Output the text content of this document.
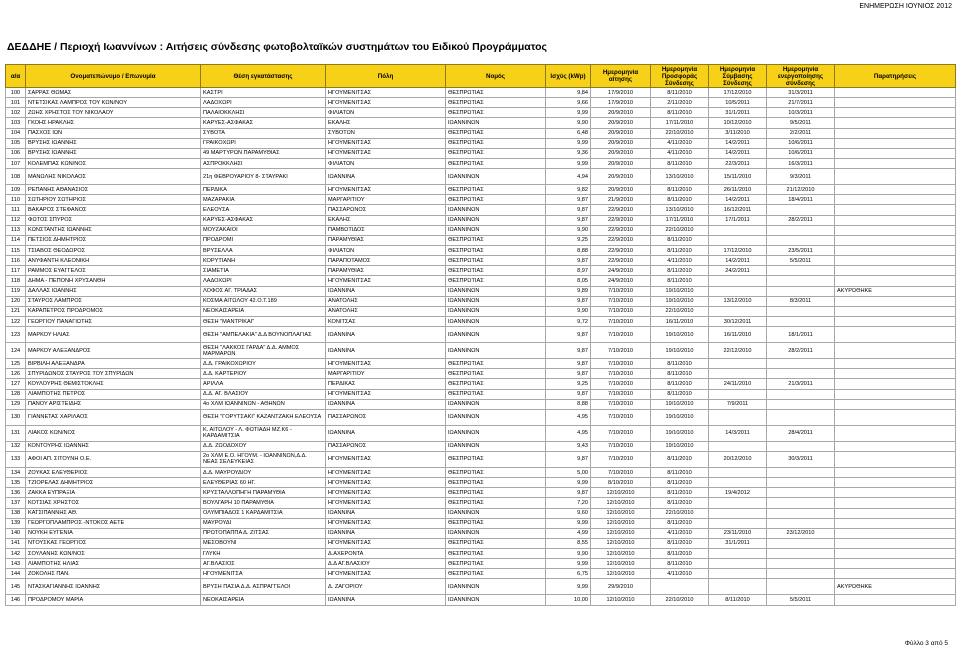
ΕΝΗΜΕΡΩΣΗ ΙΟΥΝΙΟΣ 2012
ΔΕΔΔΗΕ / Περιοχή Ιωαννίνων : Αιτήσεις σύνδεσης φωτοβολταϊκών συστημάτων του Ειδικού Προγράμματος
α/α	Ονοματεπώνυμο / Επωνυμία	Θέση εγκατάστασης	Πόλη	Νομός	Ισχύς (kWp)	Ημερομηνία αίτησης	Ημερομηνία Προσφοράς Σύνδεσης	Ημερομηνία Σύμβασης Σύνδεσης	Ημερομηνία ενεργοποίησης σύνδεσης	Παρατηρήσεις
100	ΣΑΡΡΑΣ ΘΩΜΑΣ	ΚΑΣΤΡΙ	ΗΓΟΥΜΕΝΙΤΣΑΣ	ΘΕΣΠΡΩΤΙΑΣ	9,84	17/9/2010	8/11/2010	17/12/2010	31/3/2011	
101	ΝΤΕΤΣΙΚΑΣ ΛΑΜΠΡΟΣ ΤΟΥ ΚΩΝ/ΝΟΥ	ΛΑΔΟΧΩΡΙ	ΗΓΟΥΜΕΝΙΤΣΑΣ	ΘΕΣΠΡΩΤΙΑΣ	9,66	17/9/2010	2/11/2010	10/5/2011	21/7/2011	
102	ΖΩΗΣ ΧΡΗΣΤΟΣ ΤΟΥ ΝΙΚΟΛΑΟΥ	ΠΑΛΑΙΟΚΚΛΗΣΙ	ΦΙΛΙΑΤΩΝ	ΘΕΣΠΡΩΤΙΑΣ	9,99	20/9/2010	8/11/2010	31/1/2011	10/3/2011	
103	ΓΚΟΗΣ ΗΡΑΚΛΗΣ	ΚΑΡΥΕΣ-ΑΣΦΑΚΑΣ	ΕΚΑΛΗΣ	ΙΩΑΝΝΙΝΩΝ	9,90	20/9/2010	17/11/2010	10/12/2010	9/5/2011	
104	ΠΑΣΧΟΣ ΙΩΝ	ΣΥΒΟΤΑ	ΣΥΒΟΤΩΝ	ΘΕΣΠΡΩΤΙΑΣ	6,48	20/9/2010	22/10/2010	3/11/2010	2/2/2011	
105	ΒΡΥΣΗΣ ΙΩΑΝΝΗΣ	ΓΡΑΙΚΟΧΩΡΙ	ΗΓΟΥΜΕΝΙΤΣΑΣ	ΘΕΣΠΡΩΤΙΑΣ	9,99	20/9/2010	4/11/2010	14/2/2011	10/6/2011	
106	ΒΡΥΣΗΣ ΙΩΑΝΝΗΣ	49 ΜΑΡΤΥΡΩΝ ΠΑΡΑΜΥΘΙΑΣ	ΗΓΟΥΜΕΝΙΤΣΑΣ	ΘΕΣΠΡΩΤΙΑΣ	9,36	20/9/2010	4/11/2010	14/2/2011	10/6/2011	
107	ΚΟΛΕΜΠΑΣ ΚΩΝ/ΝΟΣ	ΑΣΠΡΟΚΚΛΗΣΙ	ΦΙΛΙΑΤΩΝ	ΘΕΣΠΡΩΤΙΑΣ	9,99	20/9/2010	8/11/2010	22/3/2011	16/3/2011	
108	ΜΑΝΩΛΗΣ ΝΙΚΟΛΑΟΣ	21η ΦΕΒΡΟΥΑΡΙΟΥ 8- ΣΤΑΥΡΑΚΙ	ΙΩΑΝΝΙΝΑ	ΙΩΑΝΝΙΝΩΝ	4,94	20/9/2010	13/10/2010	15/11/2010	9/3/2011	
109	ΡΕΠΑΝΗΣ ΑΘΑΝΑΣΙΟΣ	ΠΕΡΔΙΚΑ	ΗΓΟΥΜΕΝΙΤΣΑΣ	ΘΕΣΠΡΩΤΙΑΣ	9,82	20/9/2010	8/11/2010	26/11/2010	21/12/2010	
110	ΣΩΤΗΡΙΟΥ ΣΩΤΗΡΙΟΣ	ΜΑΖΑΡΑΚΙΑ	ΜΑΡΓΑΡΙΤΙΟΥ	ΘΕΣΠΡΩΤΙΑΣ	9,87	21/9/2010	8/11/2010	14/2/2011	18/4/2011	
111	ΒΑΚΑΡΟΣ ΣΤΕΦΑΝΟΣ	ΕΛΕΟΥΣΑ	ΠΑΣΣΑΡΩΝΟΣ	ΙΩΑΝΝΙΝΩΝ	9,87	22/9/2010	13/10/2010	16/12/2011		
112	ΦΩΤΟΣ ΣΠΥΡΟΣ	ΚΑΡΥΕΣ-ΑΣΦΑΚΑΣ	ΕΚΑΛΗΣ	ΙΩΑΝΝΙΝΩΝ	9,87	22/9/2010	17/11/2010	17/1/2011	28/2/2011	
113	ΚΩΝΣΤΑΝΤΗΣ ΙΩΑΝΝΗΣ	ΜΟΥΖΑΚΑΙΟΙ	ΠΑΜΒΩΤΙΔΟΣ	ΙΩΑΝΝΙΝΩΝ	9,90	22/9/2010	22/10/2010			
114	ΠΕΤΣΙΟΣ ΔΗΜΗΤΡΙΟΣ	ΠΡΟΔΡΟΜΙ	ΠΑΡΑΜΥΘΙΑΣ	ΘΕΣΠΡΩΤΙΑΣ	9,25	22/9/2010	8/11/2010			
115	ΤΣΙΑΒΟΣ ΘΕΟΔΩΡΟΣ	ΒΡΥΣΕΛΛΑ	ΦΙΛΙΑΤΩΝ	ΘΕΣΠΡΩΤΙΑΣ	8,88	22/9/2010	8/11/2010	17/12/2010	23/5/2011	
116	ΑΝΥΦΑΝΤΗ ΚΛΕΟΝΙΚΗ	ΚΟΡΥΤΙΑΝΗ	ΠΑΡΑΠΟΤΑΜΟΣ	ΘΕΣΠΡΩΤΙΑΣ	9,87	22/9/2010	4/11/2010	14/2/2011	5/5/2011	
117	ΡΑΜΜΟΣ ΕΥΑΓΓΕΛΟΣ	ΣΙΑΜΕΤΙΑ	ΠΑΡΑΜΥΘΙΑΣ	ΘΕΣΠΡΩΤΙΑΣ	8,97	24/9/2010	8/11/2010	24/2/2011		
118	ΔΗΜΑ - ΠΕΠΟΝΗ ΧΡΥΣΑΝΘΗ	ΛΑΔΟΧΩΡΙ	ΗΓΟΥΜΕΝΙΤΣΑΣ	ΘΕΣΠΡΩΤΙΑΣ	8,05	24/9/2010	8/11/2010			
119	ΔΑΛΛΑΣ ΙΩΑΝΝΗΣ	ΛΟΦΟΣ ΑΓ. ΤΡΙΑΔΑΣ	ΙΩΑΝΝΙΝΑ	ΙΩΑΝΝΙΝΩΝ	9,89	7/10/2010	19/10/2010			ΑΚΥΡΩΘΗΚΕ
120	ΣΤΑΥΡΟΣ ΛΑΜΠΡΟΣ	ΚΟΣΜΑ ΑΙΤΩΛΟΥ 42.Ο.Τ.189	ΑΝΑΤΟΛΗΣ	ΙΩΑΝΝΙΝΩΝ	9,87	7/10/2010	19/10/2010	13/12/2010	8/3/2011	
121	ΚΑΡΑΠΕΤΡΟΣ ΠΡΟΔΡΟΜΟΣ	ΝΕΟΚΑΙΣΑΡΕΙΑ	ΑΝΑΤΟΛΗΣ	ΙΩΑΝΝΙΝΩΝ	9,90	7/10/2010	22/10/2010			
122	ΓΕΩΡΓΙΟΥ ΠΑΝΑΓΙΩΤΗΣ	ΘΕΣΗ "ΜΑΝΤΡΙΚΑΙ"	ΚΟΝΙΤΣΑΣ	ΙΩΑΝΝΙΝΩΝ	9,72	7/10/2010	16/11/2010	30/12/2011		
123	ΜΑΡΚΟΥ ΗΛΙΑΣ	ΘΕΣΗ "ΑΜΠΕΛΑΚΙΑ" Δ.Δ ΒΟΥΝΟΠΛΑΓΙΑΣ	ΙΩΑΝΝΙΝΑ	ΙΩΑΝΝΙΝΩΝ	9,87	7/10/2010	19/10/2010	16/11/2010	18/1/2011	
124	ΜΑΡΚΟΥ ΑΛΕΞΑΝΔΡΟΣ	ΘΕΣΗ "ΛΑΚΚΟΣ ΓΑΡΔΑ" Δ.Δ. ΑΜΜΟΣ ΜΑΡΜΑΡΩΝ	ΙΩΑΝΝΙΝΑ	ΙΩΑΝΝΙΝΩΝ	9,87	7/10/2010	19/10/2010	22/12/2010	28/2/2011	
125	ΒΙΡΒΙΛΗ ΑΛΕΞΑΝΔΡΑ	Δ.Δ. ΓΡΑΙΚΟΧΩΡΙΟΥ	ΗΓΟΥΜΕΝΙΤΣΑΣ	ΘΕΣΠΡΩΤΙΑΣ	9,87	7/10/2010	8/11/2010			
126	ΣΠΥΡΙΔΩΝΟΣ ΣΤΑΥΡΟΣ ΤΟΥ ΣΠΥΡΙΔΩΝ	Δ.Δ. ΚΑΡΤΕΡΙΟΥ	ΜΑΡΓΑΡΙΤΙΟΥ	ΘΕΣΠΡΩΤΙΑΣ	9,87	7/10/2010	8/11/2010			
127	ΚΟΥΛΟΥΡΗΣ ΘΕΜΙΣΤΟΚΛΗΣ	ΑΡΙΛΛΑ	ΠΕΡΔΙΚΑΣ	ΘΕΣΠΡΩΤΙΑΣ	9,25	7/10/2010	8/11/2010	24/11/2010	21/3/2011	
128	ΛΙΑΜΠΟΤΗΣ ΠΕΤΡΟΣ	Δ.Δ. ΑΓ. ΒΛΑΣΙΟΥ	ΗΓΟΥΜΕΝΙΤΣΑΣ	ΘΕΣΠΡΩΤΙΑΣ	9,87	7/10/2010	8/11/2010			
129	ΠΑΝΟΥ ΑΡΙΣΤΕΙΔΗΣ	4ο ΧΛΜ ΙΩΑΝΝΙΝΩΝ - ΑΘΗΝΩΝ	ΙΩΑΝΝΙΝΑ	ΙΩΑΝΝΙΝΩΝ	8,88	7/10/2010	19/10/2010	7/9/2011		
130	ΓΙΑΝΝΕΤΑΣ ΧΑΡΙΛΑΟΣ	ΘΕΣΗ "ΓΟΡΥΤΣΑΚΙ" ΚΑΖΑΝΤΖΑΚΗ ΕΛΕΟΥΣΑ	ΠΑΣΣΑΡΩΝΟΣ	ΙΩΑΝΝΙΝΩΝ	4,95	7/10/2010	19/10/2010			
131	ΛΙΑΚΟΣ ΚΩΝ/ΝΟΣ	Κ. ΑΙΤΩΛΟΥ - Λ. ΦΩΤΙΑΔΗ ΜΖ.Κ6 - ΚΑΡΔΑΜΙΤΣΙΑ	ΙΩΑΝΝΙΝΑ	ΙΩΑΝΝΙΝΩΝ	4,95	7/10/2010	19/10/2010	14/3/2011	28/4/2011	
132	ΚΟΝΤΟΥΡΗΣ ΙΩΑΝΝΗΣ	Δ.Δ. ΖΩΟΔΟΧΟΥ	ΠΑΣΣΑΡΩΝΟΣ	ΙΩΑΝΝΙΝΩΝ	9,43	7/10/2010	19/10/2010			
133	ΑΦΟΙ ΑΠ. ΣΙΤΟΥΝΗ Ο.Ε.	2ο ΧΛΜ Ε.Ο. ΗΓΟΥΜ. - ΙΩΑΝΝΙΝΩΝ,Δ.Δ. ΝΕΑΣ ΣΕΛΕΥΚΕΙΑΣ	ΗΓΟΥΜΕΝΙΤΣΑΣ	ΘΕΣΠΡΩΤΙΑΣ	9,87	7/10/2010	8/11/2010	20/12/2010	30/3/2011	
134	ΖΟΥΚΑΣ ΕΛΕΥΘΕΡΙΟΣ	Δ.Δ. ΜΑΥΡΟΥΔΙΟΥ	ΗΓΟΥΜΕΝΙΤΣΑΣ	ΘΕΣΠΡΩΤΙΑΣ	5,00	7/10/2010	8/11/2010			
135	ΤΖΙΟΡΕΛΑΣ ΔΗΜΗΤΡΙΟΣ	ΕΛΕΥΘΕΡΙΑΣ 60 ΗΓ.	ΗΓΟΥΜΕΝΙΤΣΑΣ	ΘΕΣΠΡΩΤΙΑΣ	9,99	8/10/2010	8/11/2010			
136	ΖΑΚΚΑ ΕΥΠΡΑΞΙΑ	ΚΡΥΣΤΑΛΛΟΠΗΓΗ ΠΑΡΑΜΥΘΙΑ	ΗΓΟΥΜΕΝΙΤΣΑΣ	ΘΕΣΠΡΩΤΙΑΣ	9,87	12/10/2010	8/11/2010	19/4/2012		
137	ΚΟΤΣΙΑΣ ΧΡΗΣΤΟΣ	ΒΟΥΛΓΑΡΗ 10 ΠΑΡΑΜΥΘΙΑ	ΗΓΟΥΜΕΝΙΤΣΑΣ	ΘΕΣΠΡΩΤΙΑΣ	7,20	12/10/2010	8/11/2010			
138	ΚΑΤΣΙΠΑΝΝΗΣ ΑΘ.	ΟΛΥΜΠΙΑΔΟΣ 1 ΚΑΡΔΑΜΙΤΣΙΑ	ΙΩΑΝΝΙΝΑ	ΙΩΑΝΝΙΝΩΝ	9,60	12/10/2010	22/10/2010			
139	ΓΕΩΡΓΟΠΛΑΜΠΡΟΣ -ΝΤΟΚΟΣ ΑΕΤΕ	ΜΑΥΡΟΥΔΙ	ΗΓΟΥΜΕΝΙΤΣΑΣ	ΘΕΣΠΡΩΤΙΑΣ	9,99	12/10/2010	8/11/2010			
140	ΝΟΥΚΗ ΕΥΓΕΝΙΑ	ΠΡΩΤΟΠΑΠΠΑ Δ. ΖΙΤΣΑΣ	ΙΩΑΝΝΙΝΑ	ΙΩΑΝΝΙΝΩΝ	4,99	12/10/2010	4/11/2010	23/11/2010	23/12/2010	
141	ΝΤΟΥΣΚΑΣ ΓΕΩΡΓΙΟΣ	ΜΕΣΟΒΟΥΝΙ	ΗΓΟΥΜΕΝΙΤΣΑΣ	ΘΕΣΠΡΩΤΙΑΣ	8,55	12/10/2010	8/11/2010	31/1/2011		
142	ΣΟΥΛΑΝΗΣ ΚΩΝ/ΝΟΣ	ΓΛΥΚΗ	Δ.ΑΧΕΡΟΝΤΑ	ΘΕΣΠΡΩΤΙΑΣ	9,90	12/10/2010	8/11/2010			
143	ΛΙΑΜΠΟΤΗΣ ΗΛΙΑΣ	ΑΓ.ΒΛΑΣΙΟΣ	Δ.Δ ΑΓ.ΒΛΑΣΙΟΥ	ΘΕΣΠΡΩΤΙΑΣ	9,99	12/10/2010	8/11/2010			
144	ΖΟΚΟΛΗΣ ΠΑΝ.	ΗΓΟΥΜΕΝΙΤΣΑ	ΗΓΟΥΜΕΝΙΤΣΑΣ	ΘΕΣΠΡΩΤΙΑΣ	6,75	12/10/2010	4/11/2010			
145	ΝΤΑΣΚΑΓΙΑΝΝΗΣ ΙΩΑΝΝΗΣ	ΒΡΥΣΗ ΠΑΣΙΑ Δ.Δ. ΑΣΠΡΑΓΓΕΛΟΙ	Δ. ΖΑΓΟΡΙΟΥ	ΙΩΑΝΝΙΝΩΝ	9,99	29/9/2010				ΑΚΥΡΩΘΗΚΕ
146	ΠΡΟΔΡΟΜΟΥ ΜΑΡΙΑ	ΝΕΟΚΑΙΣΑΡΕΙΑ	ΙΩΑΝΝΙΝΑ	ΙΩΑΝΝΙΝΩΝ	10,00	12/10/2010	22/10/2010	8/11/2010	5/5/2011	
Φύλλο 3 από 5
